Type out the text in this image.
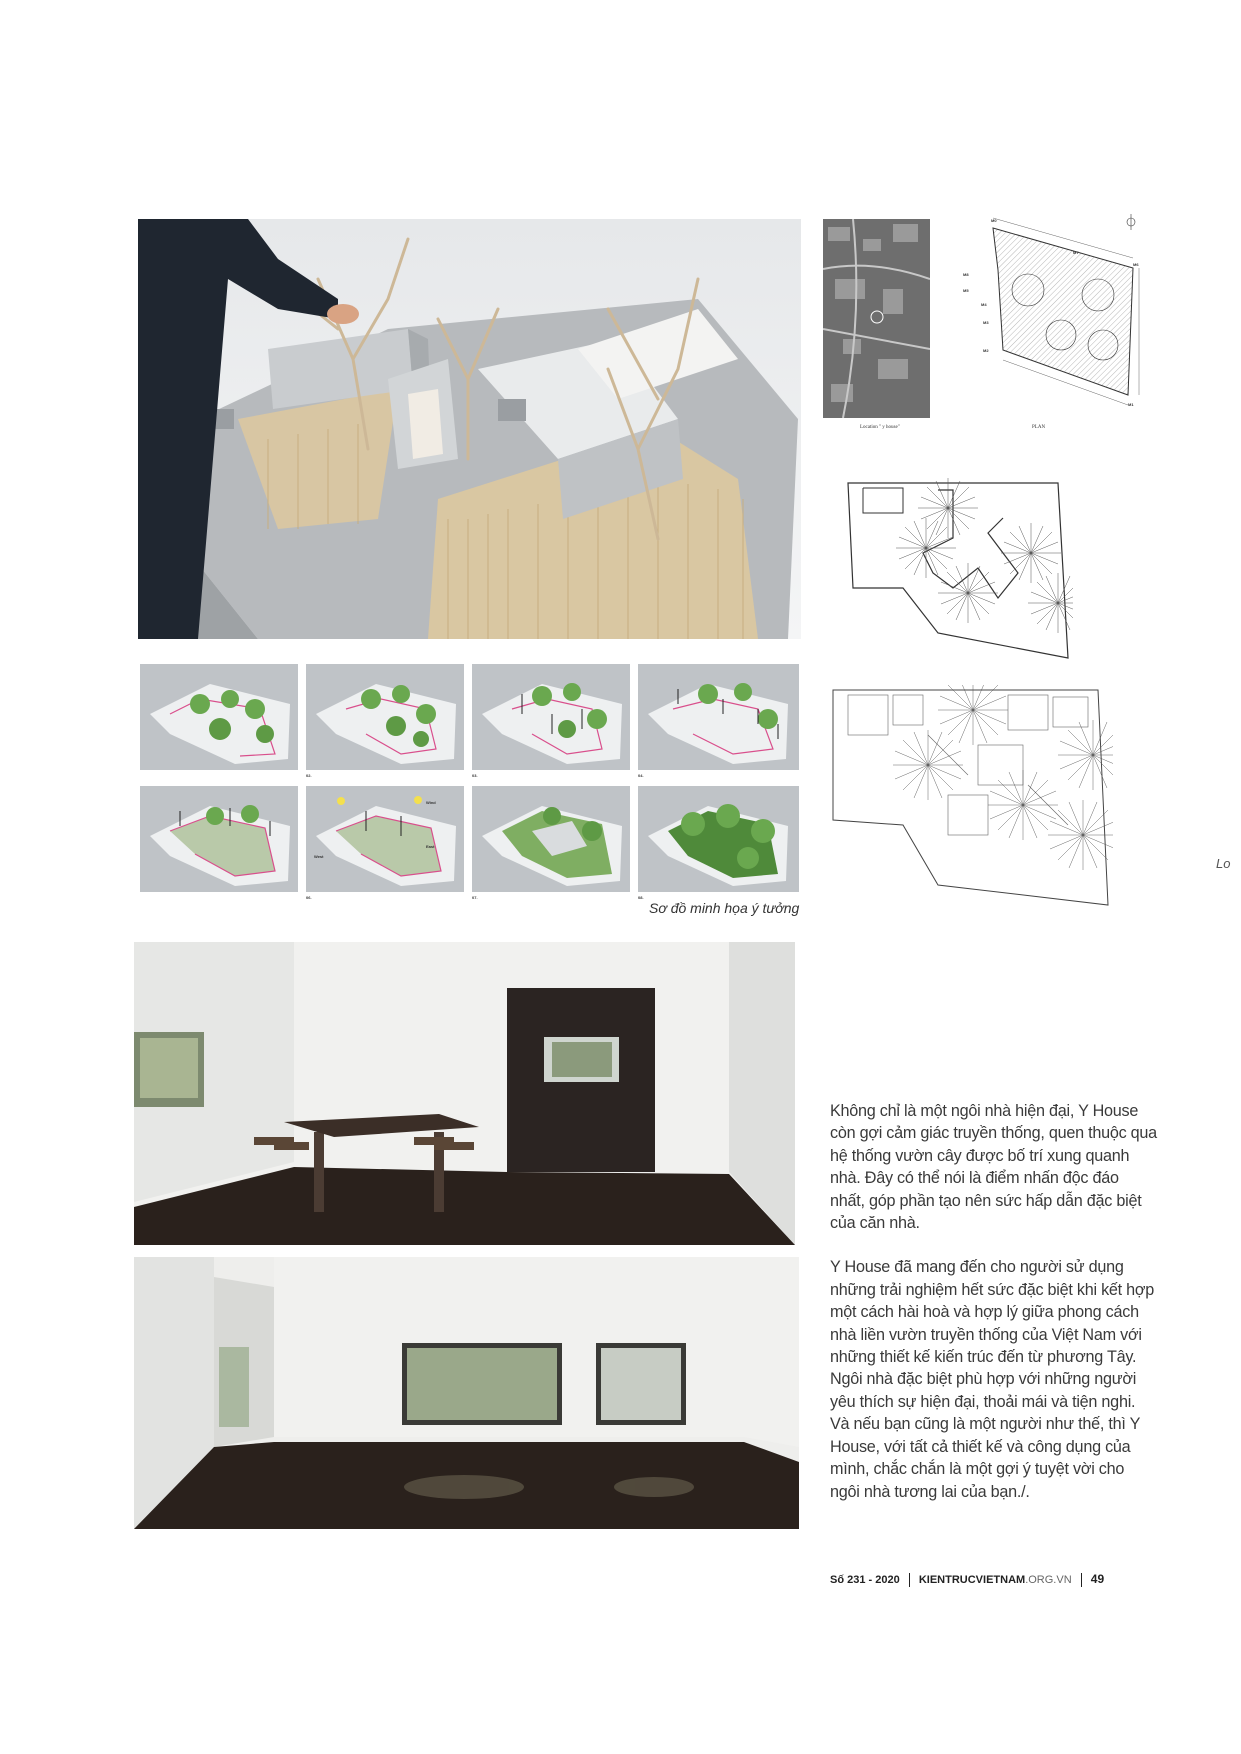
Location " y house"
M0
M1
M2
M3
M4
M5
M6
M7
M8
PLAN
Lo
02.	03.	04.
Wind
West
East
06.	07.	08.
Sơ đồ minh họa ý tưởng

Không chỉ là một ngôi nhà hiện đại, Y House còn gợi cảm giác truyền thống, quen thuộc qua hệ thống vườn cây được bố trí xung quanh nhà. Đây có thể nói là điểm nhấn độc đáo nhất, góp phần tạo nên sức hấp dẫn đặc biệt của căn nhà.

Y House đã mang đến cho người sử dụng những trải nghiệm hết sức đặc biệt khi kết hợp một cách hài hoà và hợp lý giữa phong cách nhà liền vườn truyền thống của Việt Nam với những thiết kế kiến trúc đến từ phương Tây. Ngôi nhà đặc biệt phù hợp với những người yêu thích sự hiện đại, thoải mái và tiện nghi. Và nếu bạn cũng là một người như thế, thì Y House, với tất cả thiết kế và công dụng của mình, chắc chắn là một gợi ý tuyệt vời cho ngôi nhà tương lai của bạn./.

Số 231 - 2020 KIENTRUCVIETNAM.ORG.VN 49
